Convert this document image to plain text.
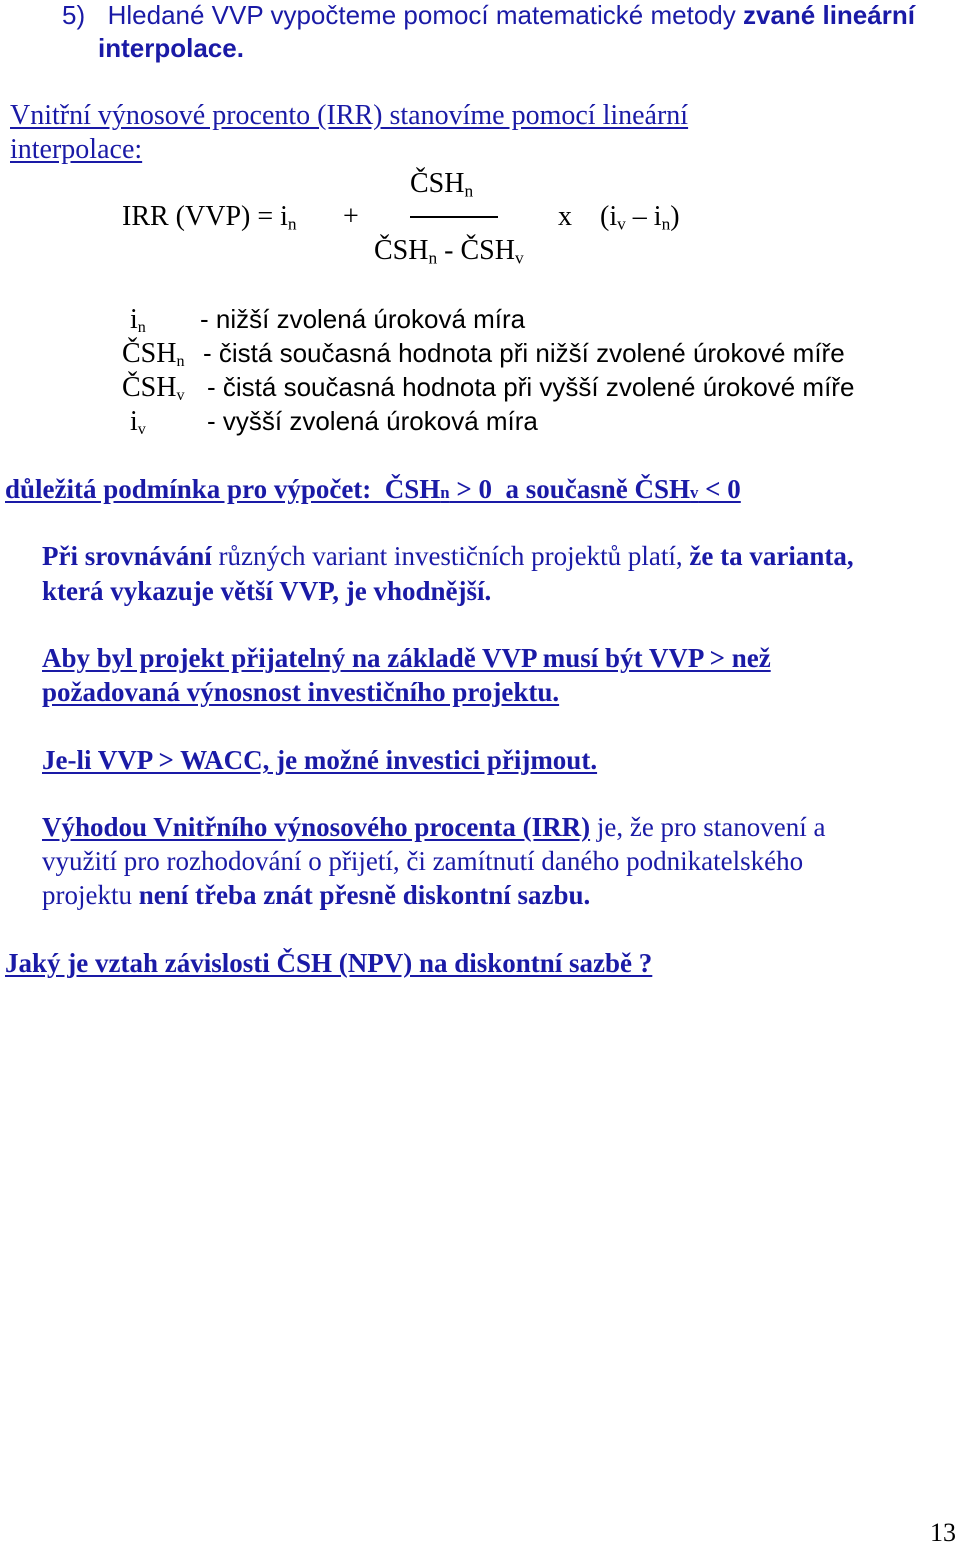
5) Hledané VVP vypočteme pomocí matematické metody zvané lineární
interpolace.
Vnitřní výnosové procento (IRR) stanovíme pomocí lineární
interpolace:
$ČSH_n$
IRR $(VVP) = i_n$ +	x $(i_v - i_n)$
$ČSH_n$ - $ČSH_v$
$i_n$ - nižší zvolená úroková míra
$ČSH_n$ - čistá současná hodnota při nižší zvolené úrokové míře
$ČSH_v$ - čistá současná hodnota při vyšší zvolené úrokové míře
$i_v$ - vyšší zvolená úroková míra
důležitá podmínka pro výpočet:  ČSHn > 0  a současně ČSHv < 0
Při srovnávání různých variant investičních projektů platí, že ta varianta,
která vykazuje větší VVP, je vhodnější.
Aby byl projekt přijatelný na základě VVP musí být VVP > než
požadovaná výnosnost investičního projektu.
Je-li VVP > WACC, je možné investici přijmout.
Výhodou Vnitřního výnosového procenta (IRR) je, že pro stanovení a
využití pro rozhodování o přijetí, či zamítnutí daného podnikatelského
projektu není třeba znát přesně diskontní sazbu.
Jaký je vztah závislosti ČSH (NPV) na diskontní sazbě ?
13
